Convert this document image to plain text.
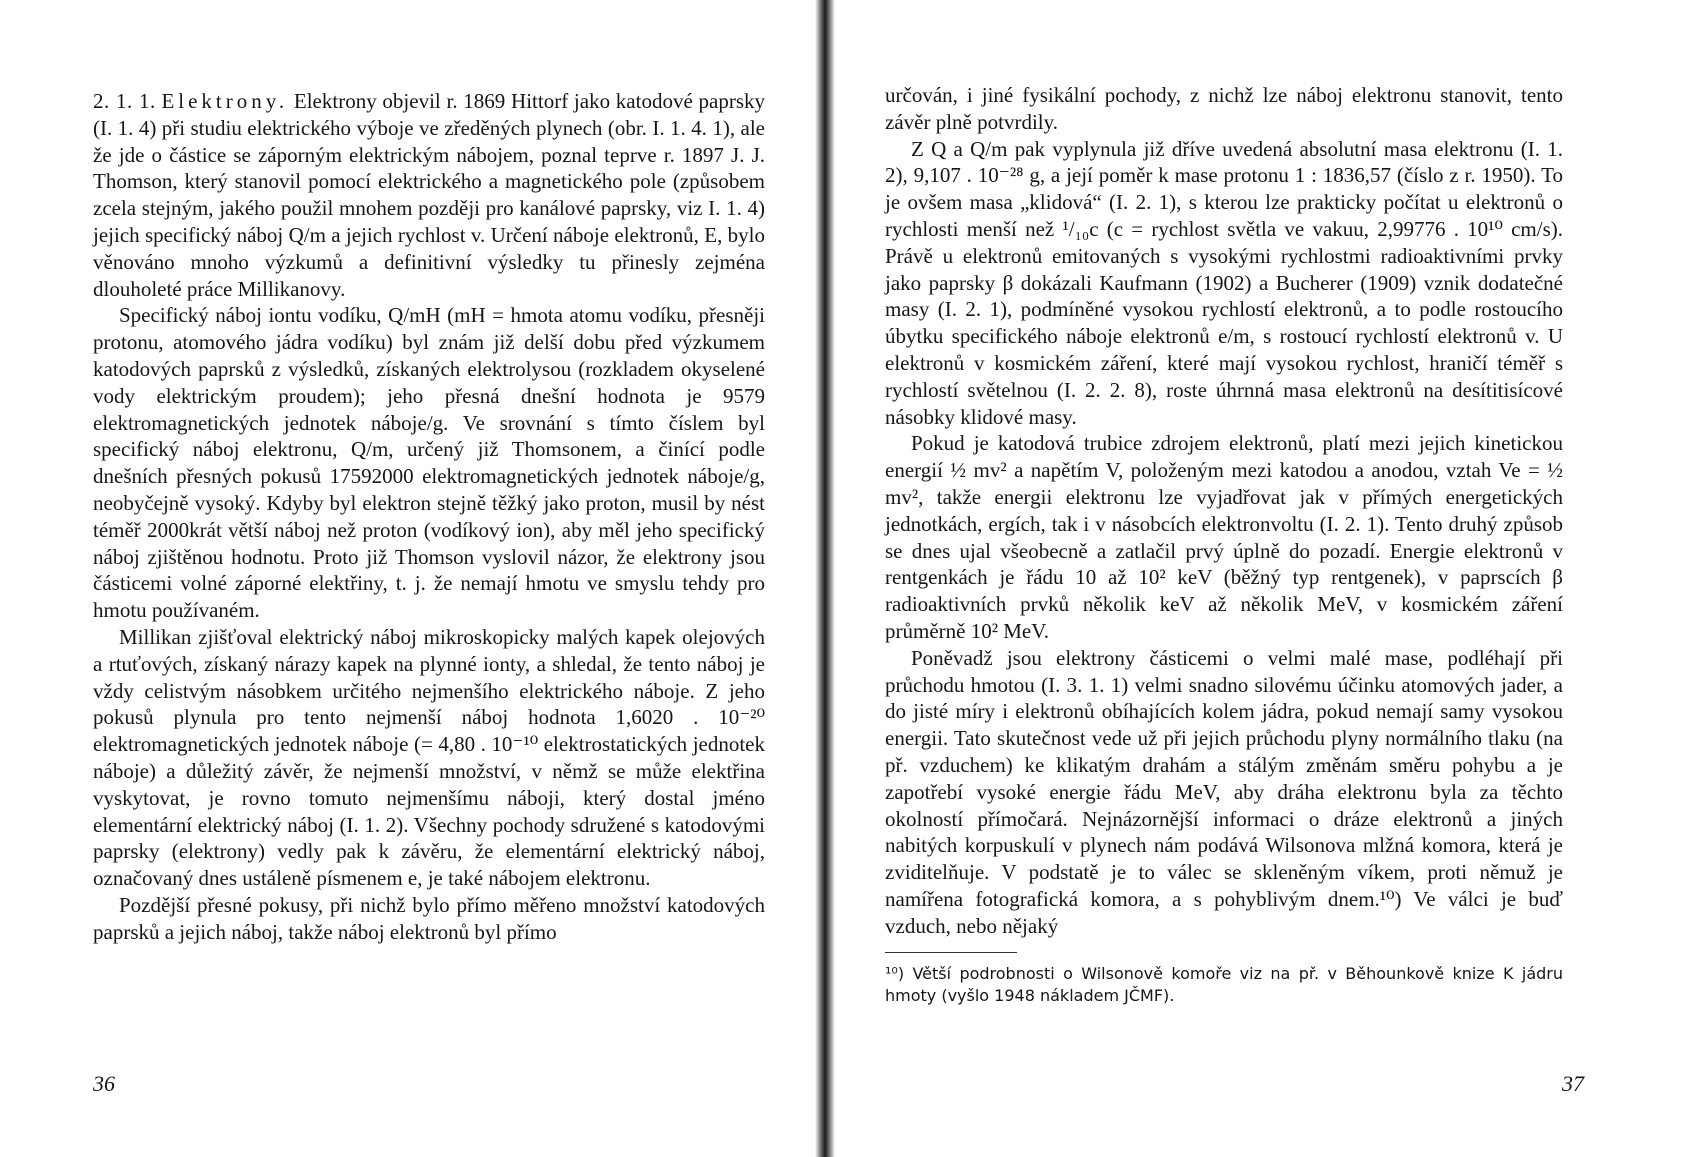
2. 1. 1. Elektrony. Elektrony objevil r. 1869 Hittorf jako katodové paprsky (I. 1. 4) při studiu elektrického výboje ve zředěných plynech (obr. I. 1. 4. 1), ale že jde o částice se záporným elektrickým nábojem, poznal teprve r. 1897 J. J. Thomson, který stanovil pomocí elektrického a magnetického pole (způsobem zcela stejným, jakého použil mnohem později pro kanálové paprsky, viz I. 1. 4) jejich specifický náboj Q/m a jejich rychlost v. Určení náboje elektronů, E, bylo věnováno mnoho výzkumů a definitivní výsledky tu přinesly zejména dlouholeté práce Millikanovy.

Specifický náboj iontu vodíku, Q/mH (mH = hmota atomu vodíku, přesněji protonu, atomového jádra vodíku) byl znám již delší dobu před výzkumem katodových paprsků z výsledků, získaných elektrolysou (rozkladem okyselené vody elektrickým proudem); jeho přesná dnešní hodnota je 9579 elektromagnetických jednotek náboje/g. Ve srovnání s tímto číslem byl specifický náboj elektronu, Q/m, určený již Thomsonem, a činící podle dnešních přesných pokusů 17592000 elektromagnetických jednotek náboje/g, neobyčejně vysoký. Kdyby byl elektron stejně těžký jako proton, musil by nést téměř 2000krát větší náboj než proton (vodíkový ion), aby měl jeho specifický náboj zjištěnou hodnotu. Proto již Thomson vyslovil názor, že elektrony jsou částicemi volné záporné elektřiny, t. j. že nemají hmotu ve smyslu tehdy pro hmotu používaném.

Millikan zjišťoval elektrický náboj mikroskopicky malých kapek olejových a rtuťových, získaný nárazy kapek na plynné ionty, a shledal, že tento náboj je vždy celistvým násobkem určitého nejmenšího elektrického náboje. Z jeho pokusů plynula pro tento nejmenší náboj hodnota 1,6020 . 10⁻²⁰ elektromagnetických jednotek náboje (= 4,80 . 10⁻¹⁰ elektrostatických jednotek náboje) a důležitý závěr, že nejmenší množství, v němž se může elektřina vyskytovat, je rovno tomuto nejmenšímu náboji, který dostal jméno elementární elektrický náboj (I. 1. 2). Všechny pochody sdružené s katodovými paprsky (elektrony) vedly pak k závěru, že elementární elektrický náboj, označovaný dnes ustáleně písmenem e, je také nábojem elektronu.

Pozdější přesné pokusy, při nichž bylo přímo měřeno množství katodových paprsků a jejich náboj, takže náboj elektronů byl přímo

36

určován, i jiné fysikální pochody, z nichž lze náboj elektronu stanovit, tento závěr plně potvrdily.

Z Q a Q/m pak vyplynula již dříve uvedená absolutní masa elektronu (I. 1. 2), 9,107 . 10⁻²⁸ g, a její poměr k mase protonu 1 : 1836,57 (číslo z r. 1950). To je ovšem masa „klidová“ (I. 2. 1), s kterou lze prakticky počítat u elektronů o rychlosti menší než ¹/₁₀c (c = rychlost světla ve vakuu, 2,99776 . 10¹⁰ cm/s). Právě u elektronů emitovaných s vysokými rychlostmi radioaktivními prvky jako paprsky β dokázali Kaufmann (1902) a Bucherer (1909) vznik dodatečné masy (I. 2. 1), podmíněné vysokou rychlostí elektronů, a to podle rostoucího úbytku specifického náboje elektronů e/m, s rostoucí rychlostí elektronů v. U elektronů v kosmickém záření, které mají vysokou rychlost, hraničí téměř s rychlostí světelnou (I. 2. 2. 8), roste úhrnná masa elektronů na desítitisícové násobky klidové masy.

Pokud je katodová trubice zdrojem elektronů, platí mezi jejich kinetickou energií ½ mv² a napětím V, položeným mezi katodou a anodou, vztah Ve = ½ mv², takže energii elektronu lze vyjadřovat jak v přímých energetických jednotkách, ergích, tak i v násobcích elektronvoltu (I. 2. 1). Tento druhý způsob se dnes ujal všeobecně a zatlačil prvý úplně do pozadí. Energie elektronů v rentgenkách je řádu 10 až 10² keV (běžný typ rentgenek), v paprscích β radioaktivních prvků několik keV až několik MeV, v kosmickém záření průměrně 10² MeV.

Poněvadž jsou elektrony částicemi o velmi malé mase, podléhají při průchodu hmotou (I. 3. 1. 1) velmi snadno silovému účinku atomových jader, a do jisté míry i elektronů obíhajících kolem jádra, pokud nemají samy vysokou energii. Tato skutečnost vede už při jejich průchodu plyny normálního tlaku (na př. vzduchem) ke klikatým drahám a stálým změnám směru pohybu a je zapotřebí vysoké energie řádu MeV, aby dráha elektronu byla za těchto okolností přímočará. Nejnázornější informaci o dráze elektronů a jiných nabitých korpuskulí v plynech nám podává Wilsonova mlžná komora, která je zviditelňuje. V podstatě je to válec se skleněným víkem, proti němuž je namířena fotografická komora, a s pohyblivým dnem.¹⁰) Ve válci je buď vzduch, nebo nějaký

¹⁰) Větší podrobnosti o Wilsonově komoře viz na př. v Běhounkově knize K jádru hmoty (vyšlo 1948 nákladem JČMF).

37
